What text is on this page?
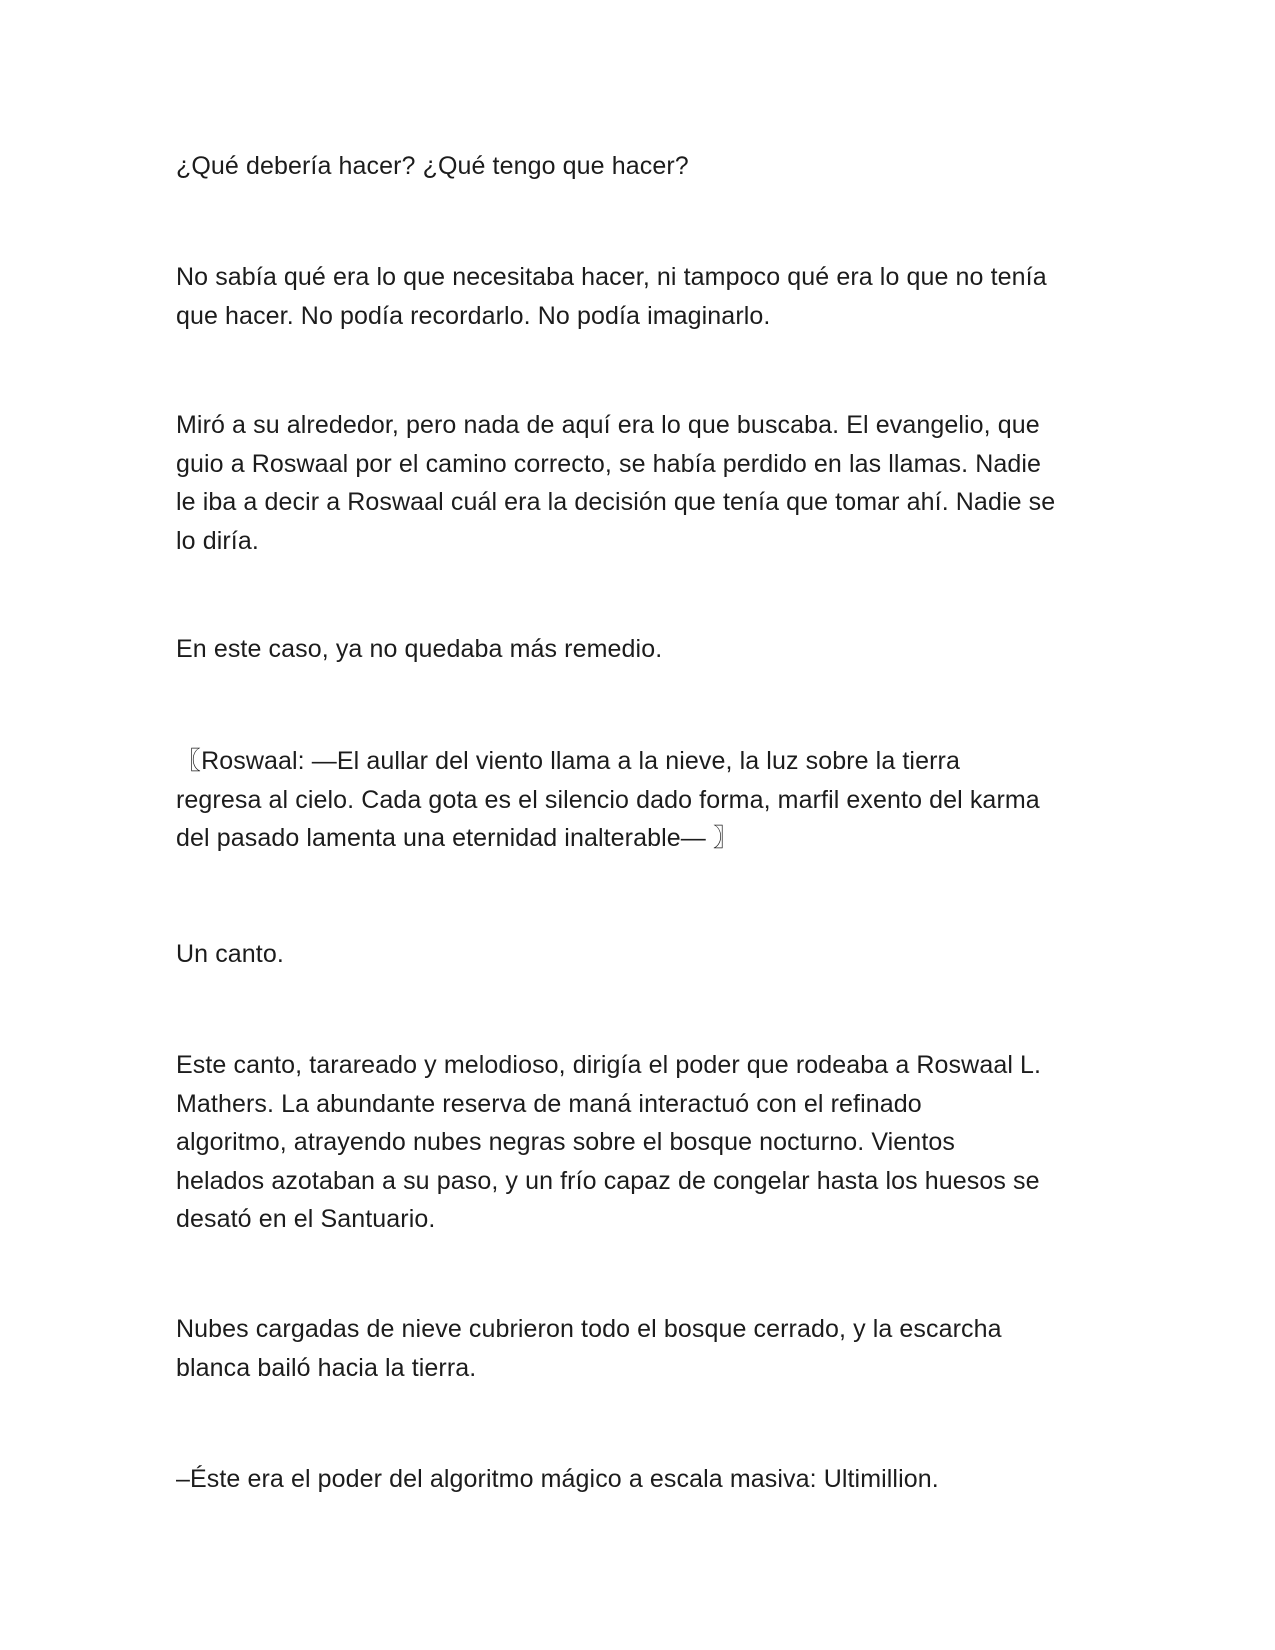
¿Qué debería hacer? ¿Qué tengo que hacer?

No sabía qué era lo que necesitaba hacer, ni tampoco qué era lo que no tenía
que hacer. No podía recordarlo. No podía imaginarlo.

Miró a su alrededor, pero nada de aquí era lo que buscaba. El evangelio, que
guio a Roswaal por el camino correcto, se había perdido en las llamas. Nadie
le iba a decir a Roswaal cuál era la decisión que tenía que tomar ahí. Nadie se
lo diría.

En este caso, ya no quedaba más remedio.

〖Roswaal: —El aullar del viento llama a la nieve, la luz sobre la tierra
regresa al cielo. Cada gota es el silencio dado forma, marfil exento del karma
del pasado lamenta una eternidad inalterable— 〗

Un canto.

Este canto, tarareado y melodioso, dirigía el poder que rodeaba a Roswaal L.
Mathers. La abundante reserva de maná interactuó con el refinado
algoritmo, atrayendo nubes negras sobre el bosque nocturno. Vientos
helados azotaban a su paso, y un frío capaz de congelar hasta los huesos se
desató en el Santuario.

Nubes cargadas de nieve cubrieron todo el bosque cerrado, y la escarcha
blanca bailó hacia la tierra.

–Éste era el poder del algoritmo mágico a escala masiva: Ultimillion.
